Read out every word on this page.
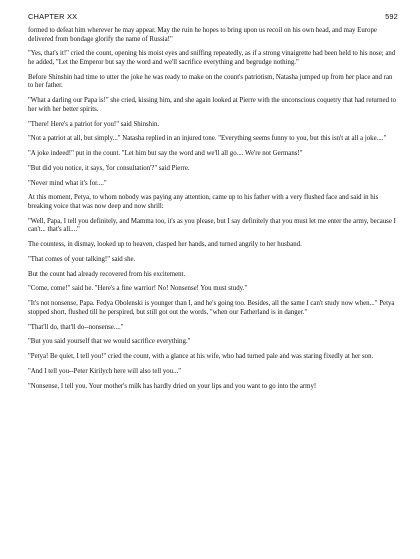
CHAPTER XX	592

formed to defeat him wherever he may appear. May the ruin he hopes to bring upon us recoil on his own head, and may Europe delivered from bondage glorify the name of Russia!"

"Yes, that's it!" cried the count, opening his moist eyes and sniffing repeatedly, as if a strong vinaigrette had been held to his nose; and he added, "Let the Emperor but say the word and we'll sacrifice everything and begrudge nothing."

Before Shinshin had time to utter the joke he was ready to make on the count's patriotism, Natasha jumped up from her place and ran to her father.

"What a darling our Papa is!" she cried, kissing him, and she again looked at Pierre with the unconscious coquetry that had returned to her with her better spirits.

"There! Here's a patriot for you!" said Shinshin.

"Not a patriot at all, but simply..." Natasha replied in an injured tone. "Everything seems funny to you, but this isn't at all a joke...."

"A joke indeed!" put in the count. "Let him but say the word and we'll all go.... We're not Germans!"

"But did you notice, it says, 'for consultation'?" said Pierre.

"Never mind what it's for...."

At this moment, Petya, to whom nobody was paying any attention, came up to his father with a very flushed face and said in his breaking voice that was now deep and now shrill:

"Well, Papa, I tell you definitely, and Mamma too, it's as you please, but I say definitely that you must let me enter the army, because I can't... that's all...."

The countess, in dismay, looked up to heaven, clasped her hands, and turned angrily to her husband.

"That comes of your talking!" said she.

But the count had already recovered from his excitement.

"Come, come!" said he. "Here's a fine warrior! No! Nonsense! You must study."

"It's not nonsense, Papa. Fedya Obolenski is younger than I, and he's going too. Besides, all the same I can't study now when..." Petya stopped short, flushed till he perspired, but still got out the words, "when our Fatherland is in danger."

"That'll do, that'll do--nonsense...."

"But you said yourself that we would sacrifice everything."

"Petya! Be quiet, I tell you!" cried the count, with a glance at his wife, who had turned pale and was staring fixedly at her son.

"And I tell you--Peter Kirilych here will also tell you..."

"Nonsense, I tell you. Your mother's milk has hardly dried on your lips and you want to go into the army!
